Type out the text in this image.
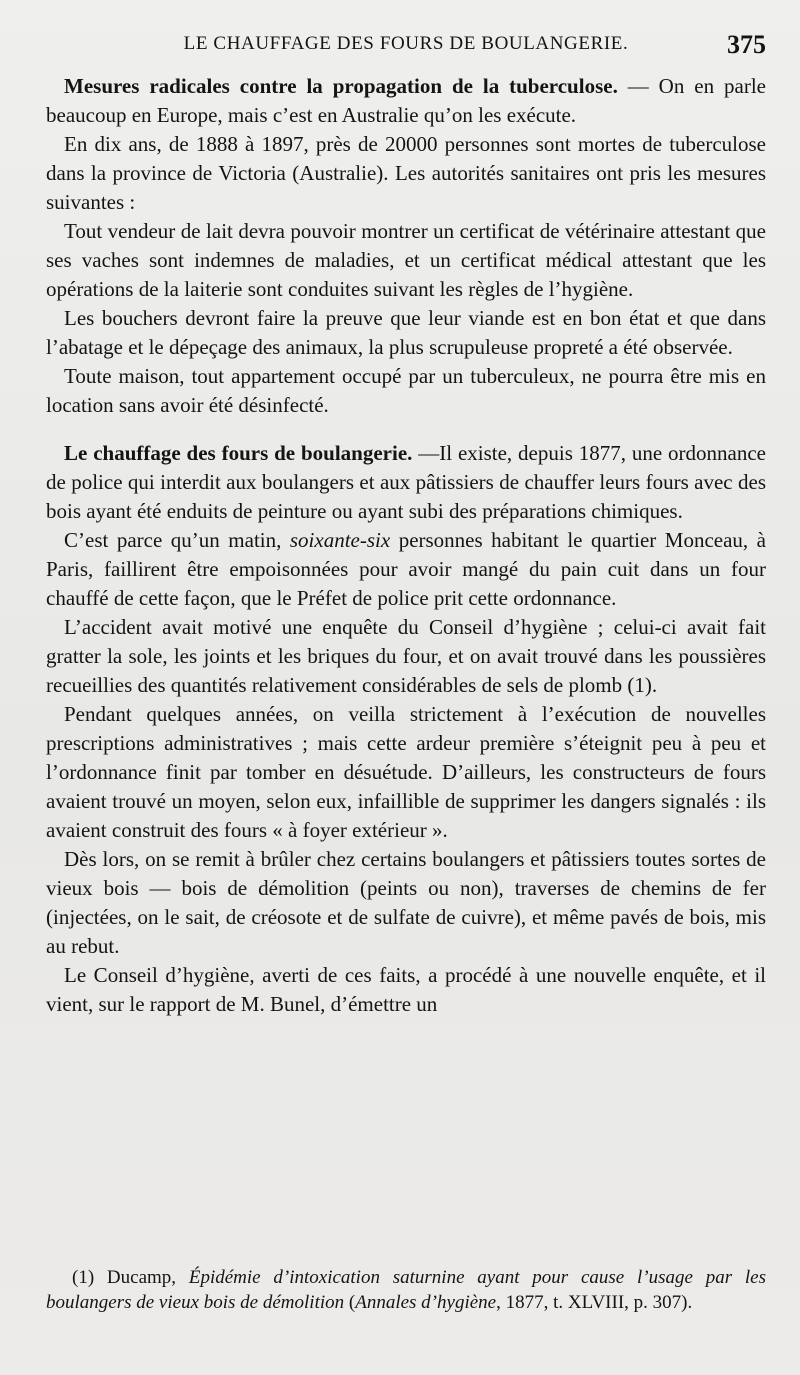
LE CHAUFFAGE DES FOURS DE BOULANGERIE.	375

Mesures radicales contre la propagation de la tuberculose. — On en parle beaucoup en Europe, mais c’est en Australie qu’on les exécute.

En dix ans, de 1888 à 1897, près de 20000 personnes sont mortes de tuberculose dans la province de Victoria (Australie). Les autorités sanitaires ont pris les mesures suivantes :

Tout vendeur de lait devra pouvoir montrer un certificat de vétérinaire attestant que ses vaches sont indemnes de maladies, et un certificat médical attestant que les opérations de la laiterie sont conduites suivant les règles de l’hygiène.

Les bouchers devront faire la preuve que leur viande est en bon état et que dans l’abatage et le dépeçage des animaux, la plus scrupuleuse propreté a été observée.

Toute maison, tout appartement occupé par un tuberculeux, ne pourra être mis en location sans avoir été désinfecté.

Le chauffage des fours de boulangerie. —Il existe, depuis 1877, une ordonnance de police qui interdit aux boulangers et aux pâtissiers de chauffer leurs fours avec des bois ayant été enduits de peinture ou ayant subi des préparations chimiques.

C’est parce qu’un matin, soixante-six personnes habitant le quartier Monceau, à Paris, faillirent être empoisonnées pour avoir mangé du pain cuit dans un four chauffé de cette façon, que le Préfet de police prit cette ordonnance.

L’accident avait motivé une enquête du Conseil d’hygiène ; celui-ci avait fait gratter la sole, les joints et les briques du four, et on avait trouvé dans les poussières recueillies des quantités relativement considérables de sels de plomb (1).

Pendant quelques années, on veilla strictement à l’exécution de nouvelles prescriptions administratives ; mais cette ardeur première s’éteignit peu à peu et l’ordonnance finit par tomber en désuétude. D’ailleurs, les constructeurs de fours avaient trouvé un moyen, selon eux, infaillible de supprimer les dangers signalés : ils avaient construit des fours « à foyer extérieur ».

Dès lors, on se remit à brûler chez certains boulangers et pâtissiers toutes sortes de vieux bois — bois de démolition (peints ou non), traverses de chemins de fer (injectées, on le sait, de créosote et de sulfate de cuivre), et même pavés de bois, mis au rebut.

Le Conseil d’hygiène, averti de ces faits, a procédé à une nouvelle enquête, et il vient, sur le rapport de M. Bunel, d’émettre un

(1) Ducamp, Épidémie d’intoxication saturnine ayant pour cause l’usage par les boulangers de vieux bois de démolition (Annales d’hygiène, 1877, t. XLVIII, p. 307).
